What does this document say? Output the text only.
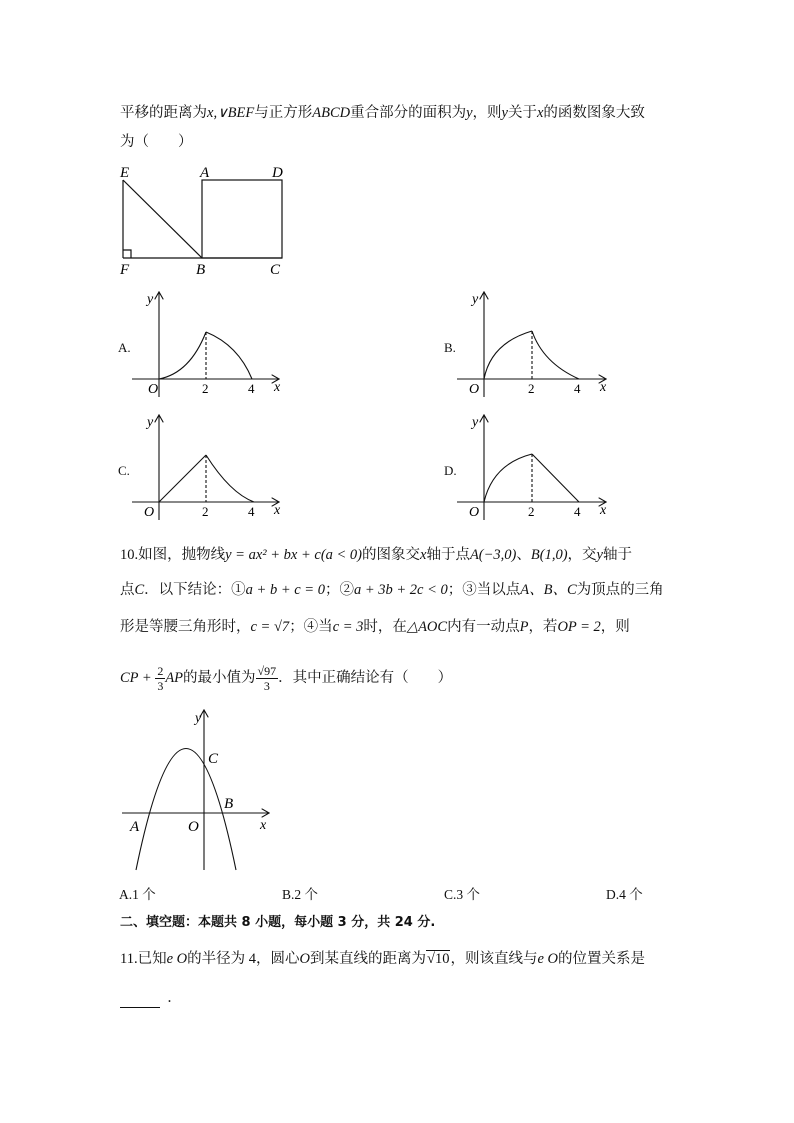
平移的距离为x,∨BEF与正方形ABCD重合部分的面积为y，则y关于x的函数图象大致
为（　　）
E	A	D
F	B	C
A.
O	2	4 x
y
B.
O	2	4 x
y
C.
O	2	4 x
y
D.
O	2	4 x
y
10.如图，抛物线y = ax² + bx + c(a < 0)的图象交x轴于点A(−3,0)、B(1,0)，交y轴于
点C．以下结论：①a + b + c = 0；②a + 3b + 2c < 0；③当以点A、B、C为顶点的三角
形是等腰三角形时，c = √7；④当c = 3时，在△AOC内有一动点P，若OP = 2，则
CP + $\frac{2}{3}$ AP的最小值为 $\frac{√97}{3}$ ．其中正确结论有（　　）
y
C
B
A	O	x
A.1 个	B.2 个	C.3 个	D.4 个
二、填空题：本题共 8 小题，每小题 3 分，共 24 分.
11.已知e O的半径为 4，圆心O到某直线的距离为√10，则该直线与e O的位置关系是
．
